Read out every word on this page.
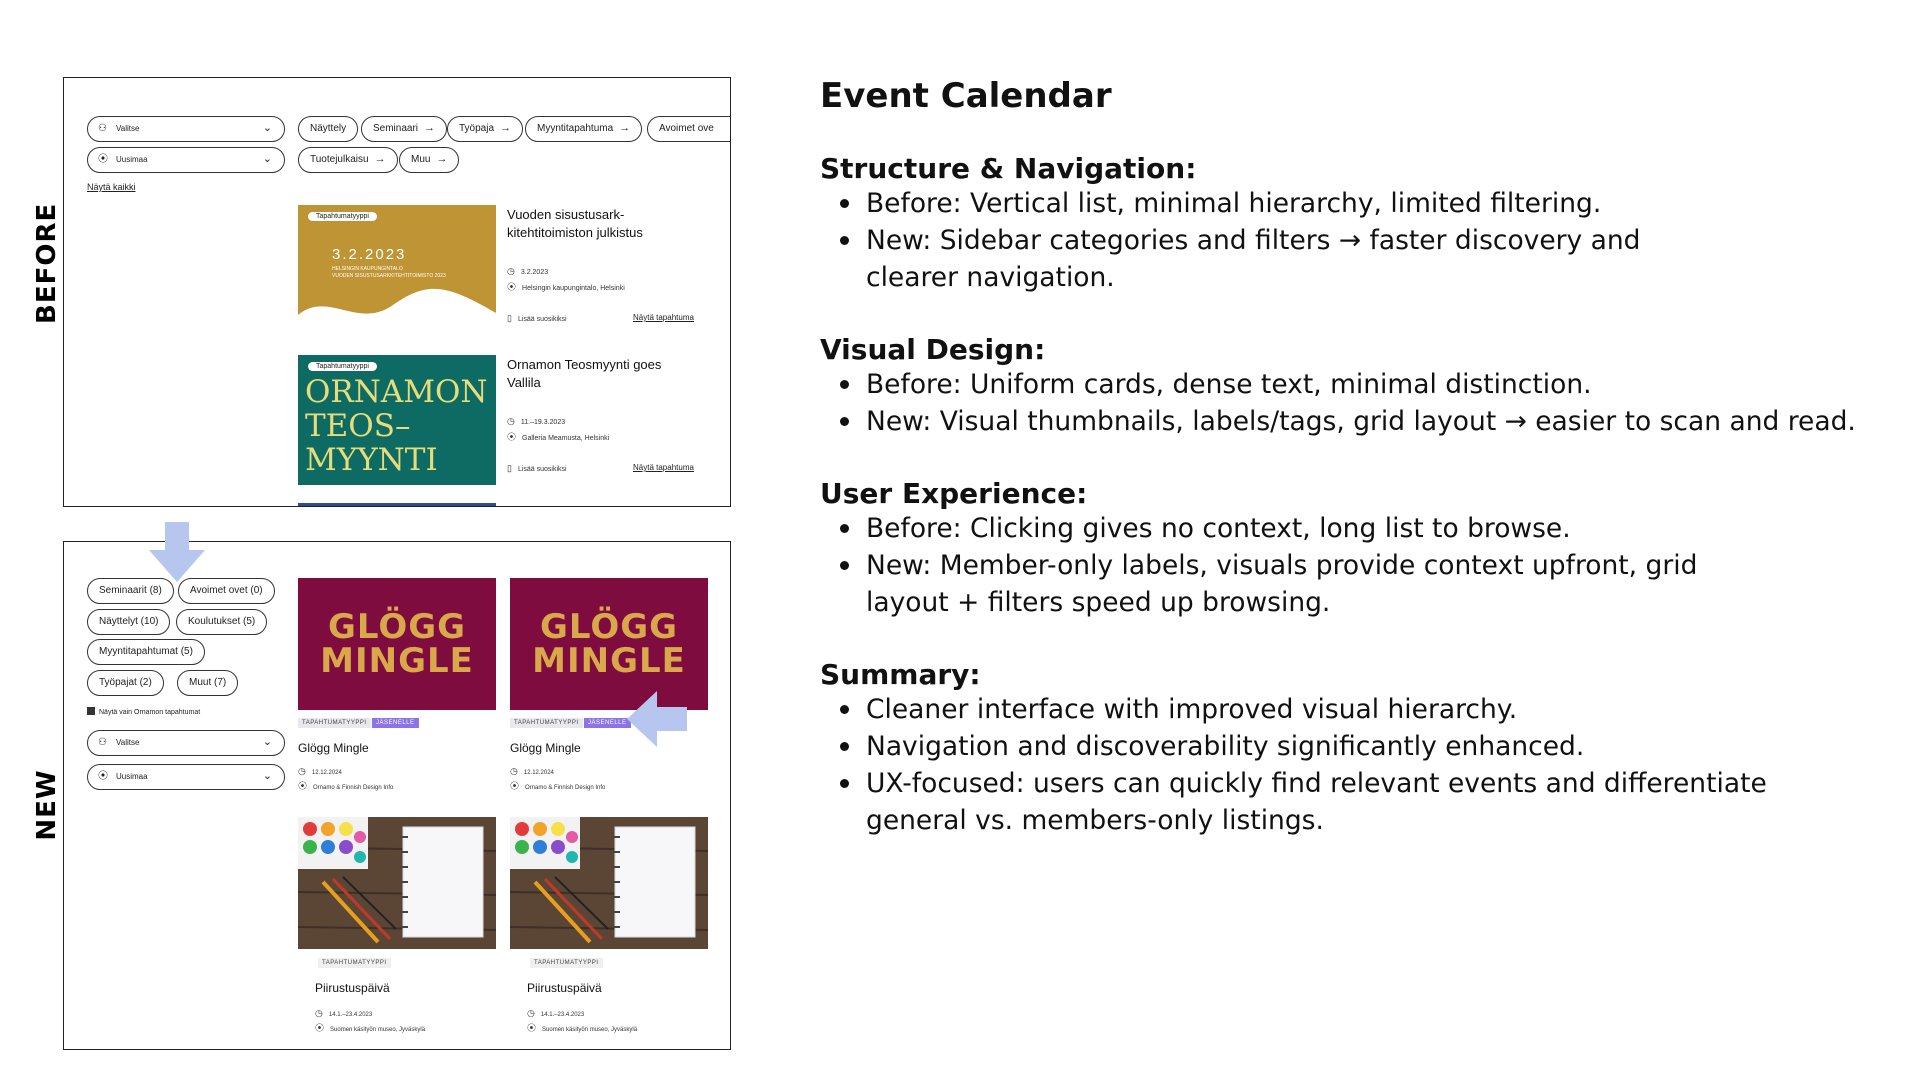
BEFORE
NEW
⚇ Valitse	⌄
⦿ Uusimaa	⌄
Näytä kaikki
Näyttely	Seminaari →	Työpaja →	Myyntitapahtuma →	Avoimet ove
Tuotejulkaisu →	Muu →
Tapahtumatyyppi
3.2.2023
HELSINGIN KAUPUNGINTALO
VUODEN SISUSTUSARKKITEHTITOIMISTO 2023
Vuoden sisustusark-
kitehtitoimiston julkistus
◷ 3.2.2023
⦿ Helsingin kaupungintalo, Helsinki
▯ Lisää suosikiksi	Näytä tapahtuma
Tapahtumatyyppi
ORNAMON
TEOS–
MYYNTI
Ornamon Teosmyynti goes
Vallila
◷ 11.–19.3.2023
⦿ Galleria Meamusta, Helsinki
▯ Lisää suosikiksi	Näytä tapahtuma
Seminaarit (8)	Avoimet ovet (0)
Näyttelyt (10)	Koulutukset (5)
Myyntitapahtumat (5)
Työpajat (2)	Muut (7)
Näytä vain Ornamon tapahtumat
⚇ Valitse	⌄
⦿ Uusimaa	⌄
GLÖGG
MINGLE
TAPAHTUMATYYPPI	JÄSENELLE
Glögg Mingle
◷ 12.12.2024
⦿ Ornamo & Finnish Design Info
GLÖGG
MINGLE
TAPAHTUMATYYPPI	JÄSENELLE
Glögg Mingle
◷ 12.12.2024
⦿ Ornamo & Finnish Design Info
TAPAHTUMATYYPPI
Piirustuspäivä
◷ 14.1.–23.4.2023
⦿ Suomen käsityön museo, Jyväskylä
TAPAHTUMATYYPPI
Piirustuspäivä
◷ 14.1.–23.4.2023
⦿ Suomen käsityön museo, Jyväskylä
Event Calendar
Structure & Navigation:
Before: Vertical list, minimal hierarchy, limited filtering.
New: Sidebar categories and filters → faster discovery and clearer navigation.
Visual Design:
Before: Uniform cards, dense text, minimal distinction.
New: Visual thumbnails, labels/tags, grid layout → easier to scan and read.
User Experience:
Before: Clicking gives no context, long list to browse.
New: Member-only labels, visuals provide context upfront, grid layout + filters speed up browsing.
Summary:
Cleaner interface with improved visual hierarchy.
Navigation and discoverability significantly enhanced.
UX-focused: users can quickly find relevant events and differentiate general vs. members-only listings.
